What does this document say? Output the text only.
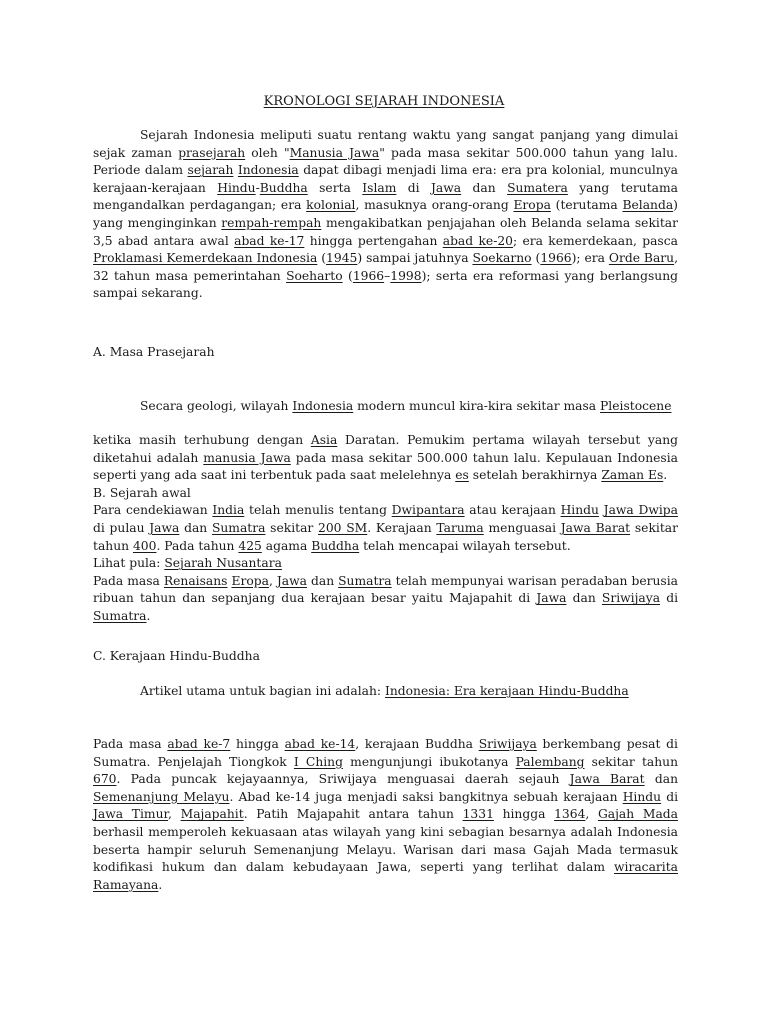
KRONOLOGI SEJARAH INDONESIA
Sejarah Indonesia meliputi suatu rentang waktu yang sangat panjang yang dimulai sejak zaman prasejarah oleh "Manusia Jawa" pada masa sekitar 500.000 tahun yang lalu. Periode dalam sejarah Indonesia dapat dibagi menjadi lima era: era pra kolonial, munculnya kerajaan-kerajaan Hindu-Buddha serta Islam di Jawa dan Sumatera yang terutama mengandalkan perdagangan; era kolonial, masuknya orang-orang Eropa (terutama Belanda) yang menginginkan rempah-rempah mengakibatkan penjajahan oleh Belanda selama sekitar 3,5 abad antara awal abad ke-17 hingga pertengahan abad ke-20; era kemerdekaan, pasca Proklamasi Kemerdekaan Indonesia (1945) sampai jatuhnya Soekarno (1966); era Orde Baru, 32 tahun masa pemerintahan Soeharto (1966–1998); serta era reformasi yang berlangsung sampai sekarang.
A. Masa Prasejarah
Secara geologi, wilayah Indonesia modern muncul kira-kira sekitar masa Pleistocene
ketika masih terhubung dengan Asia Daratan. Pemukim pertama wilayah tersebut yang diketahui adalah manusia Jawa pada masa sekitar 500.000 tahun lalu. Kepulauan Indonesia seperti yang ada saat ini terbentuk pada saat melelehnya es setelah berakhirnya Zaman Es.
B. Sejarah awal
Para cendekiawan India telah menulis tentang Dwipantara atau kerajaan Hindu Jawa Dwipa di pulau Jawa dan Sumatra sekitar 200 SM. Kerajaan Taruma menguasai Jawa Barat sekitar tahun 400. Pada tahun 425 agama Buddha telah mencapai wilayah tersebut.
Lihat pula: Sejarah Nusantara
Pada masa Renaisans Eropa, Jawa dan Sumatra telah mempunyai warisan peradaban berusia ribuan tahun dan sepanjang dua kerajaan besar yaitu Majapahit di Jawa dan Sriwijaya di Sumatra.
C. Kerajaan Hindu-Buddha
Artikel utama untuk bagian ini adalah: Indonesia: Era kerajaan Hindu-Buddha
Pada masa abad ke-7 hingga abad ke-14, kerajaan Buddha Sriwijaya berkembang pesat di Sumatra. Penjelajah Tiongkok I Ching mengunjungi ibukotanya Palembang sekitar tahun 670. Pada puncak kejayaannya, Sriwijaya menguasai daerah sejauh Jawa Barat dan Semenanjung Melayu. Abad ke-14 juga menjadi saksi bangkitnya sebuah kerajaan Hindu di Jawa Timur, Majapahit. Patih Majapahit antara tahun 1331 hingga 1364, Gajah Mada berhasil memperoleh kekuasaan atas wilayah yang kini sebagian besarnya adalah Indonesia beserta hampir seluruh Semenanjung Melayu. Warisan dari masa Gajah Mada termasuk kodifikasi hukum dan dalam kebudayaan Jawa, seperti yang terlihat dalam wiracarita Ramayana.
